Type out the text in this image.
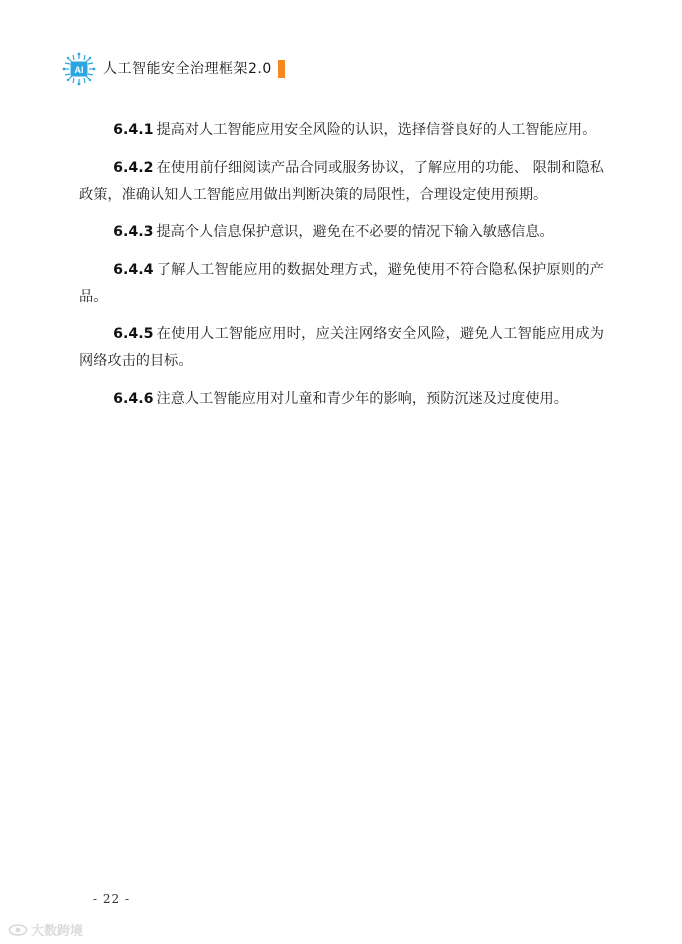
AI 人工智能安全治理框架2.0

6.4.1 提高对人工智能应用安全风险的认识，选择信誉良好的人工智能应用。

6.4.2 在使用前仔细阅读产品合同或服务协议，了解应用的功能、 限制和隐私政策，准确认知人工智能应用做出判断决策的局限性，合理设定使用预期。

6.4.3 提高个人信息保护意识，避免在不必要的情况下输入敏感信息。

6.4.4 了解人工智能应用的数据处理方式，避免使用不符合隐私保护原则的产品。

6.4.5 在使用人工智能应用时，应关注网络安全风险，避免人工智能应用成为网络攻击的目标。

6.4.6 注意人工智能应用对儿童和青少年的影响，预防沉迷及过度使用。

- 22 -
大数跨境
